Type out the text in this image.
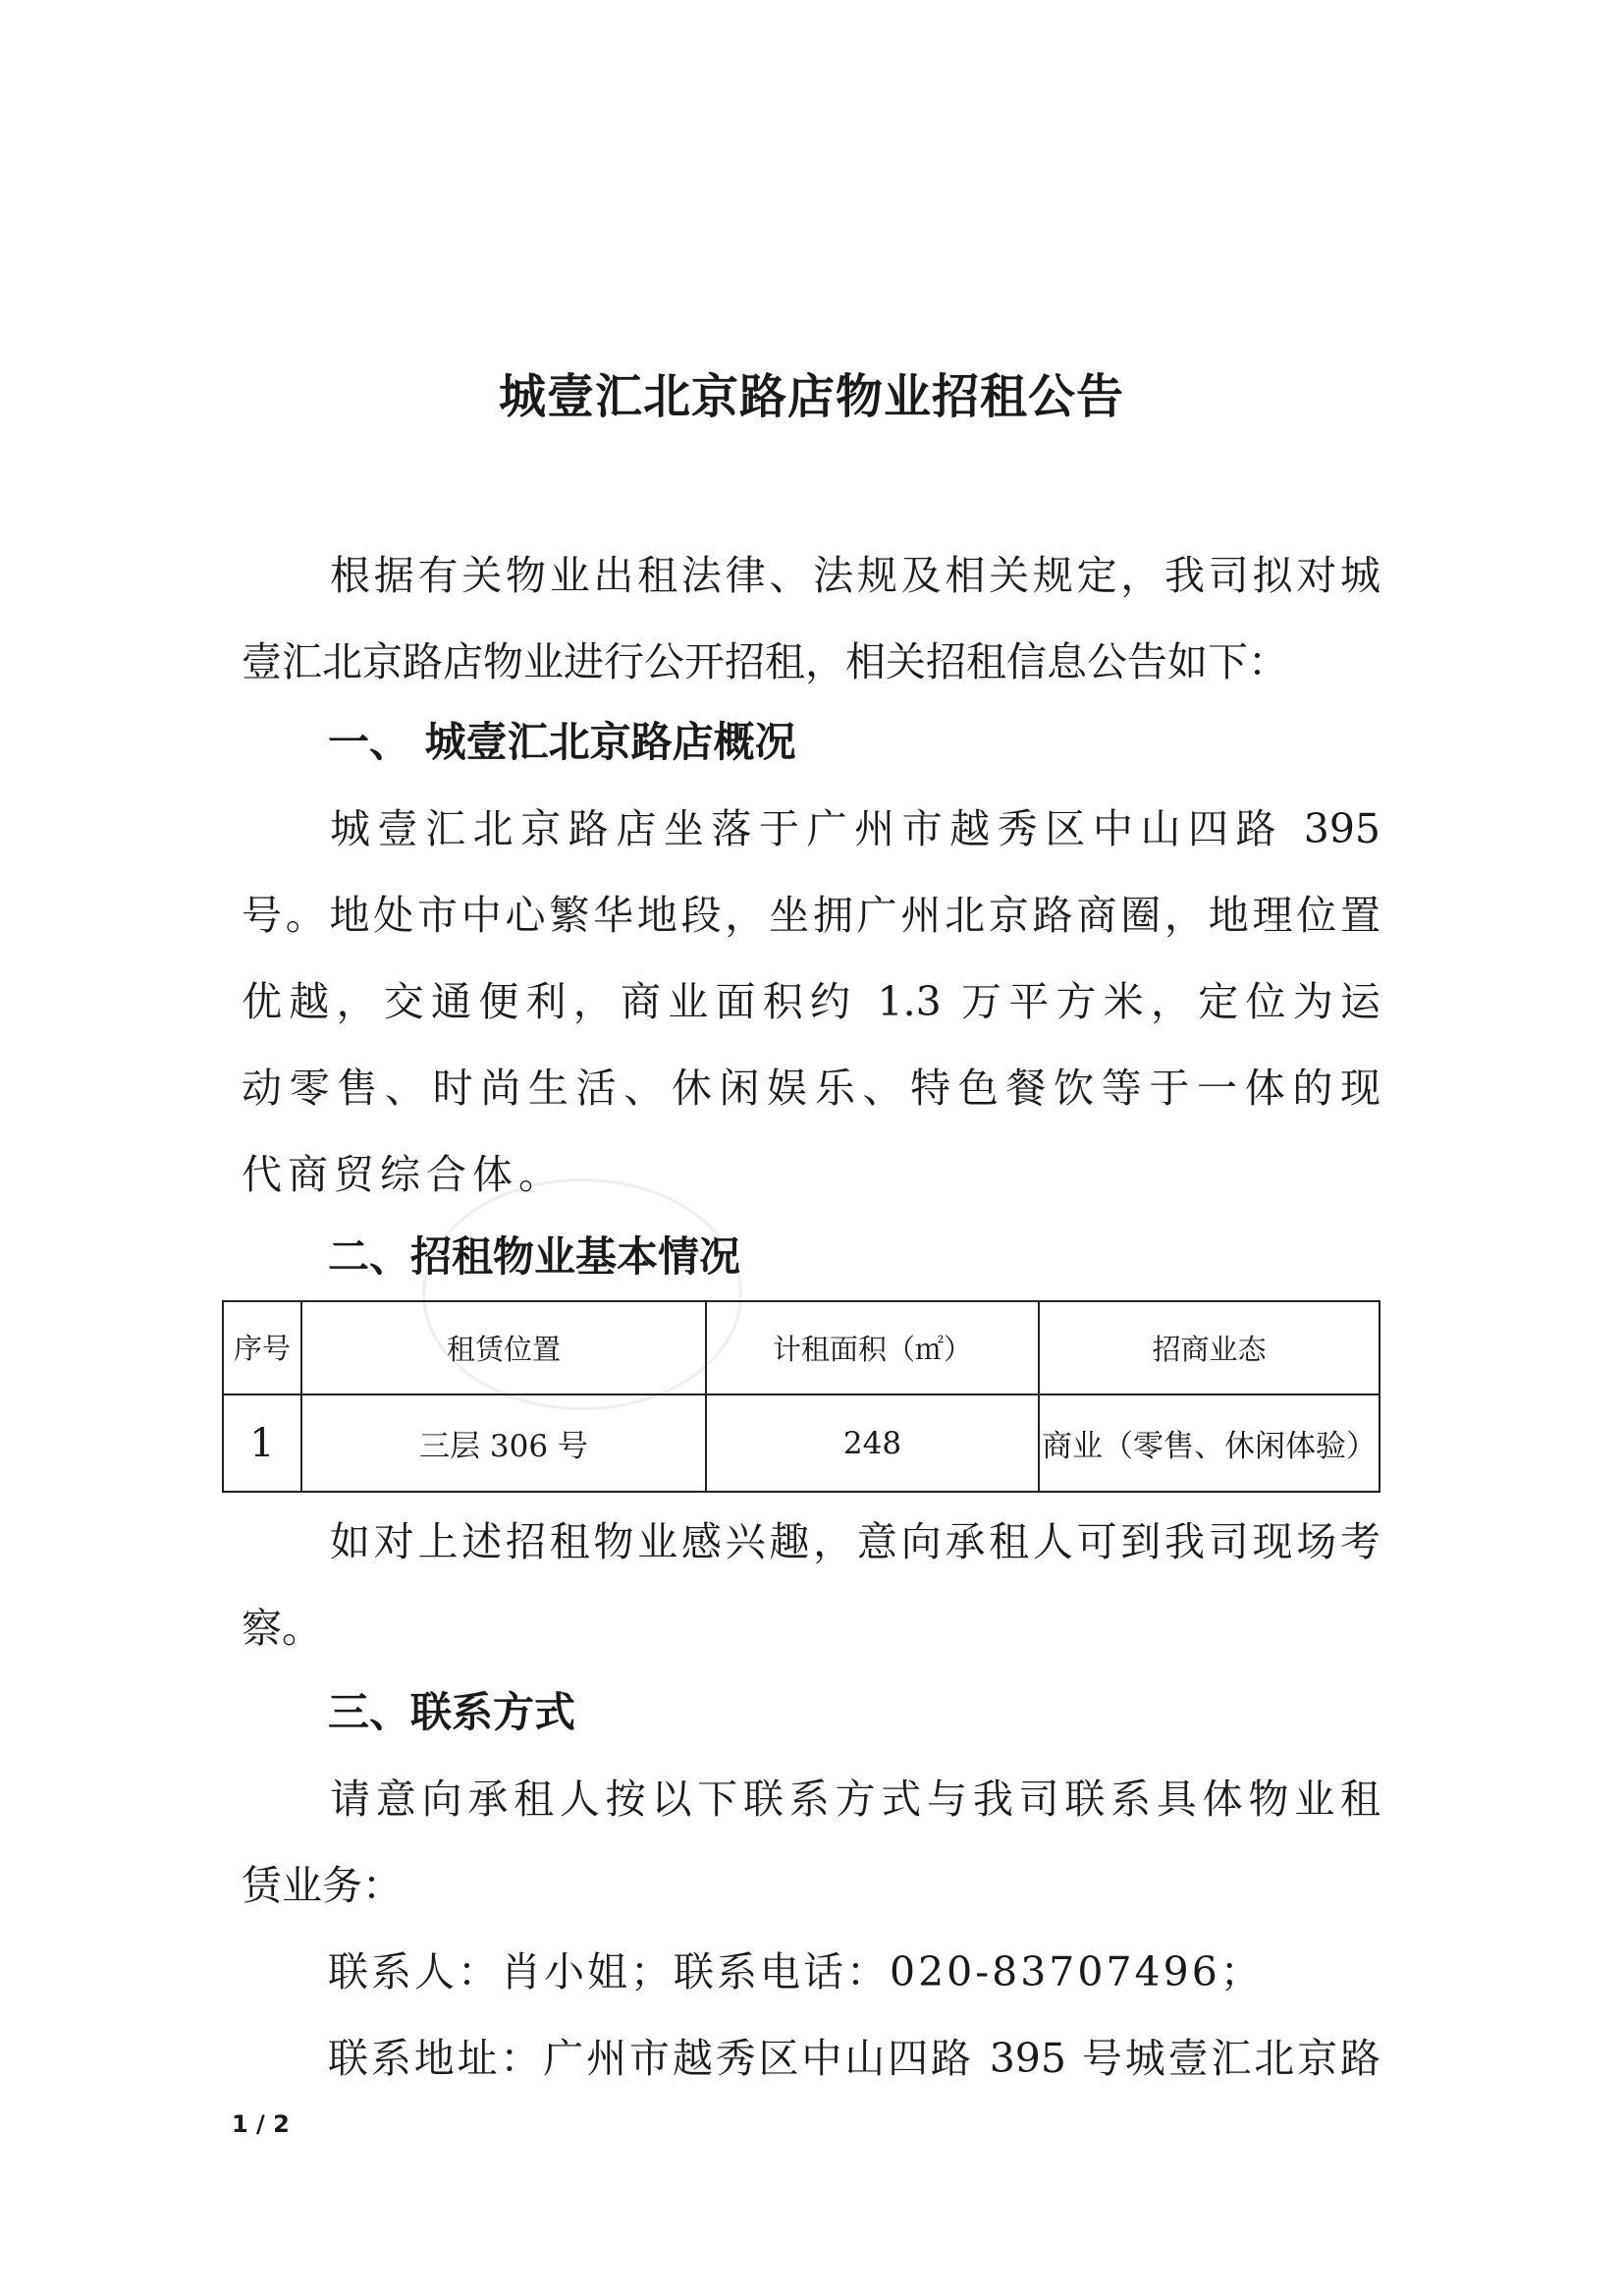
城壹汇北京路店物业招租公告
根据有关物业出租法律、法规及相关规定，我司拟对城
壹汇北京路店物业进行公开招租，相关招租信息公告如下：
一、 城壹汇北京路店概况
城壹汇北京路店坐落于广州市越秀区中山四路 395
号。地处市中心繁华地段，坐拥广州北京路商圈，地理位置
优越，交通便利，商业面积约 1.3 万平方米，定位为运
动零售、时尚生活、休闲娱乐、特色餐饮等于一体的现
代商贸综合体。
二、招租物业基本情况
序号	租赁位置	计租面积（㎡）	招商业态
1	三层 306 号	248	商业（零售、休闲体验）
如对上述招租物业感兴趣，意向承租人可到我司现场考
察。
三、联系方式
请意向承租人按以下联系方式与我司联系具体物业租
赁业务：
联系人：肖小姐；联系电话：020-83707496；
联系地址：广州市越秀区中山四路 395 号城壹汇北京路
1 / 2
